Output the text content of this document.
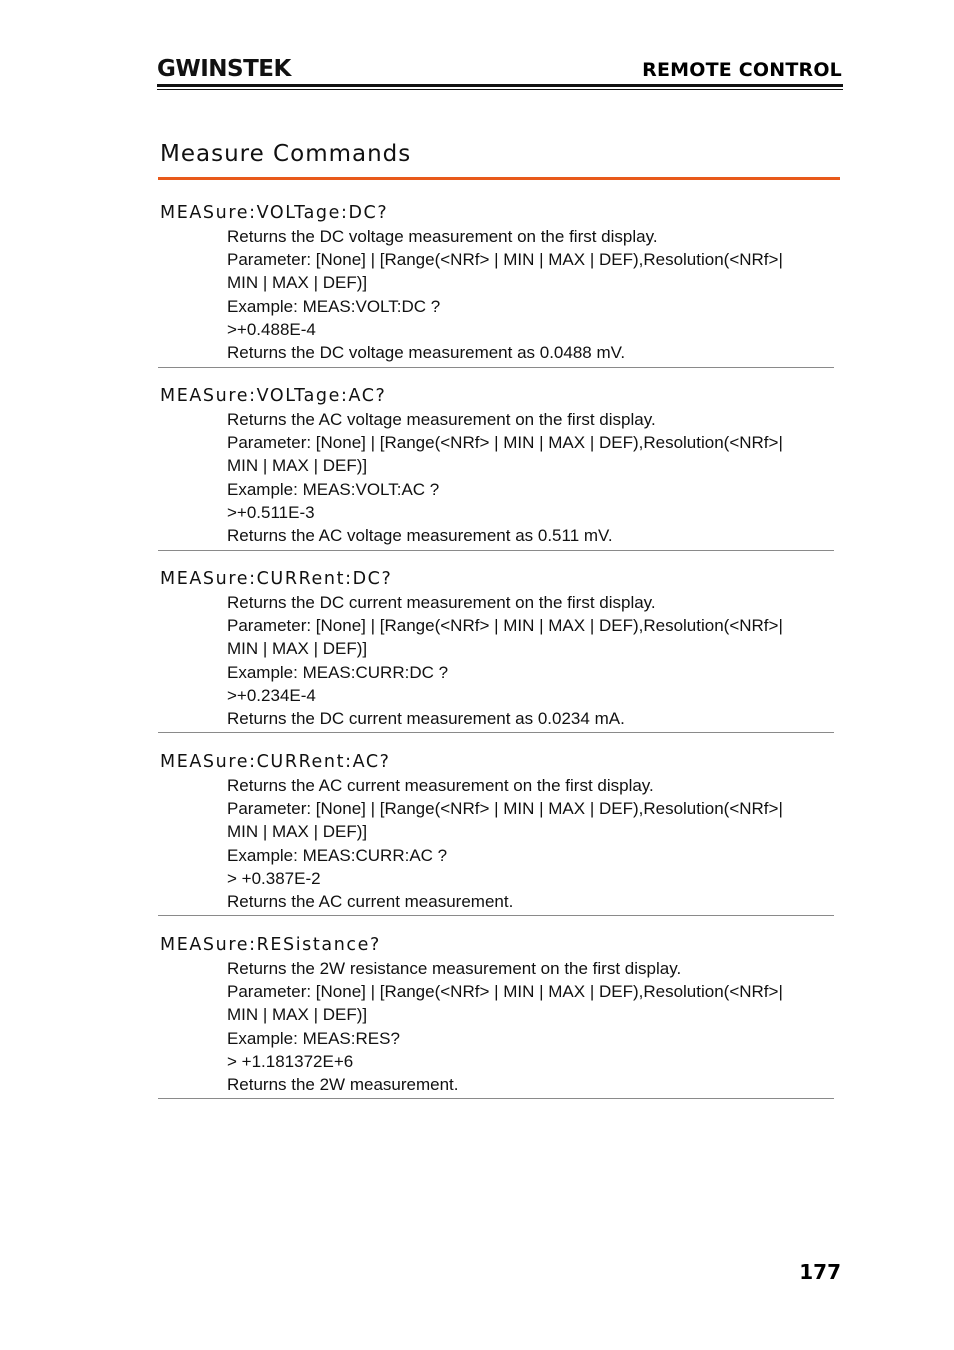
GWINSTEK	REMOTE CONTROL
Measure Commands
MEASure:VOLTage:DC?
Returns the DC voltage measurement on the first display.
Parameter: [None] | [Range(<NRf> | MIN | MAX | DEF),Resolution(<NRf>|
MIN | MAX | DEF)]
Example: MEAS:VOLT:DC ?
>+0.488E-4
Returns the DC voltage measurement as 0.0488 mV.
MEASure:VOLTage:AC?
Returns the AC voltage measurement on the first display.
Parameter: [None] | [Range(<NRf> | MIN | MAX | DEF),Resolution(<NRf>|
MIN | MAX | DEF)]
Example: MEAS:VOLT:AC ?
>+0.511E-3
Returns the AC voltage measurement as 0.511 mV.
MEASure:CURRent:DC?
Returns the DC current measurement on the first display.
Parameter: [None] | [Range(<NRf> | MIN | MAX | DEF),Resolution(<NRf>|
MIN | MAX | DEF)]
Example: MEAS:CURR:DC ?
>+0.234E-4
Returns the DC current measurement as 0.0234 mA.
MEASure:CURRent:AC?
Returns the AC current measurement on the first display.
Parameter: [None] | [Range(<NRf> | MIN | MAX | DEF),Resolution(<NRf>|
MIN | MAX | DEF)]
Example: MEAS:CURR:AC ?
> +0.387E-2
Returns the AC current measurement.
MEASure:RESistance?
Returns the 2W resistance measurement on the first display.
Parameter: [None] | [Range(<NRf> | MIN | MAX | DEF),Resolution(<NRf>|
MIN | MAX | DEF)]
Example: MEAS:RES?
> +1.181372E+6
Returns the 2W measurement.
177
